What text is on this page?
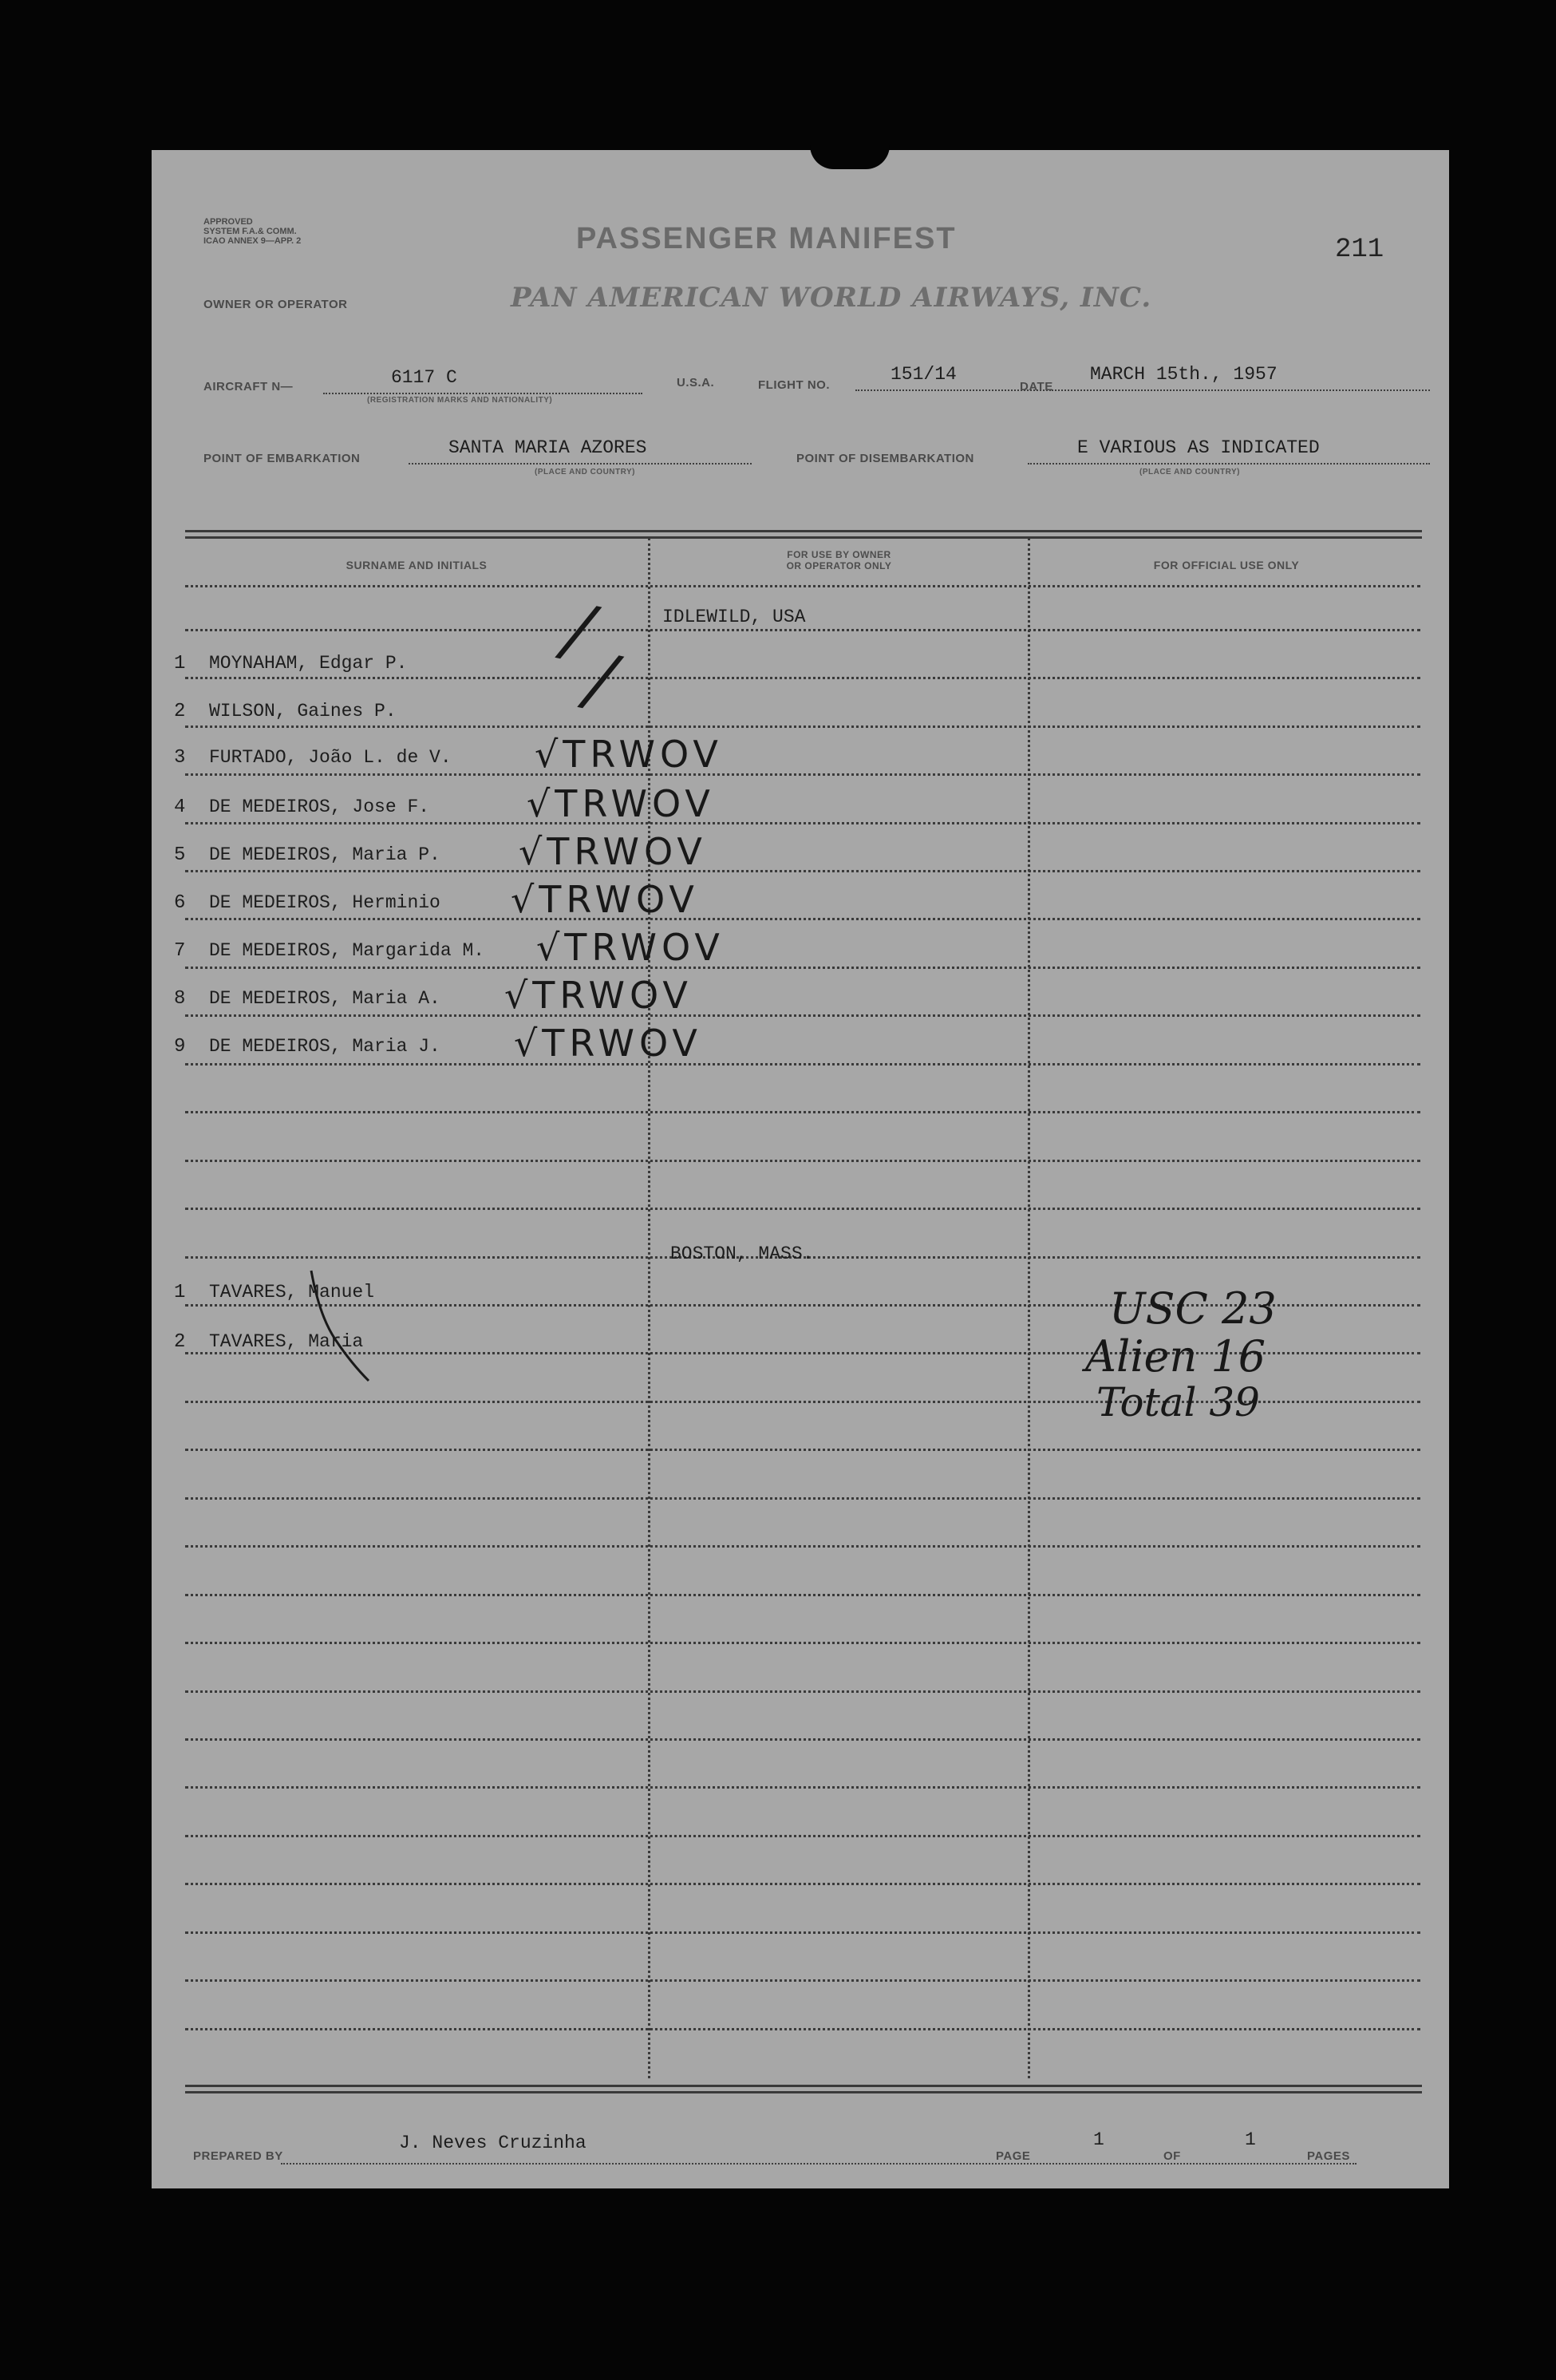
APPROVED
SYSTEM F.A.& COMM.
ICAO ANNEX 9—APP. 2	PASSENGER MANIFEST	211
OWNER OR OPERATOR	PAN AMERICAN WORLD AIRWAYS, INC.
AIRCRAFT N—	6117 C
(REGISTRATION MARKS AND NATIONALITY)
U.S.A.	FLIGHT NO.
151/14
DATE
MARCH 15th., 1957
POINT OF EMBARKATION
SANTA MARIA AZORES
(PLACE AND COUNTRY)
POINT OF DISEMBARKATION
E VARIOUS AS INDICATED
(PLACE AND COUNTRY)
SURNAME AND INITIALS
FOR USE BY OWNER
OR OPERATOR ONLY	FOR OFFICIAL USE ONLY
IDLEWILD, USA
1 MOYNAHAM, Edgar P. /
2 WILSON, Gaines P.	/
3 FURTADO, João L. de V. √TRWOV
4 DE MEDEIROS, Jose F.	√TRWOV
5 DE MEDEIROS, Maria P. √TRWOV
6 DE MEDEIROS, Herminio √TRWOV
7 DE MEDEIROS, Margarida M. √TRWOV
8 DE MEDEIROS, Maria A. √TRWOV
9 DE MEDEIROS, Maria J. √TRWOV
BOSTON, MASS.
1 TAVARES, Manuel
2 TAVARES, Maria
USC 23
Alien 16
Total 39
PREPARED BY
J. Neves Cruzinha
PAGE
1
OF
1
PAGES
